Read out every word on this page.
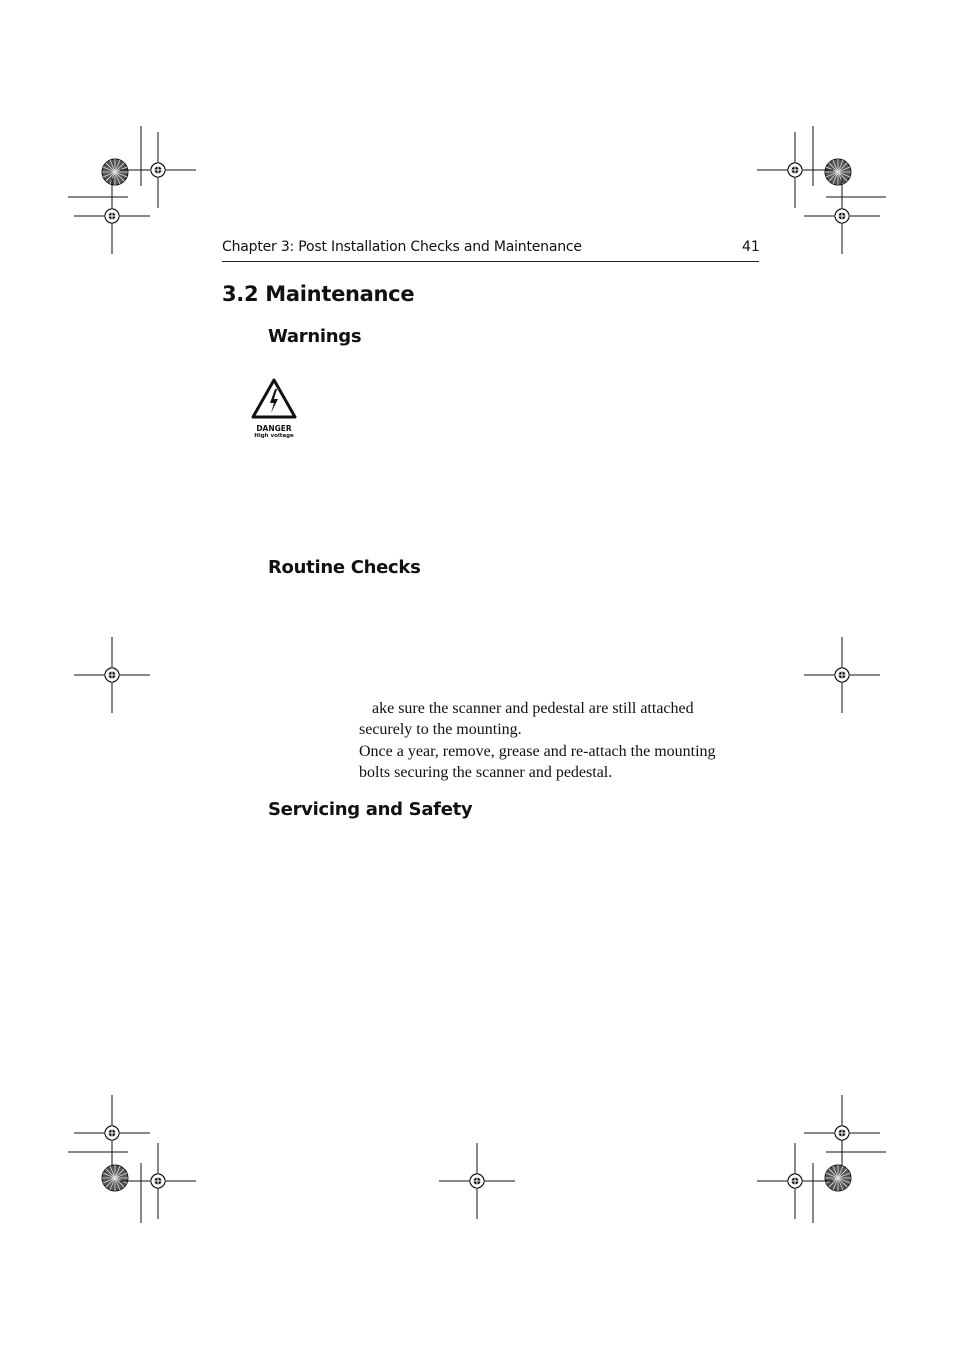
Chapter 3: Post Installation Checks and Maintenance	41
3.2 Maintenance
Warnings
DANGER
High voltage
Routine Checks
ake sure the scanner and pedestal are still attached securely to the mounting.
Once a year, remove, grease and re-attach the mounting bolts securing the scanner and pedestal.
Servicing and Safety
